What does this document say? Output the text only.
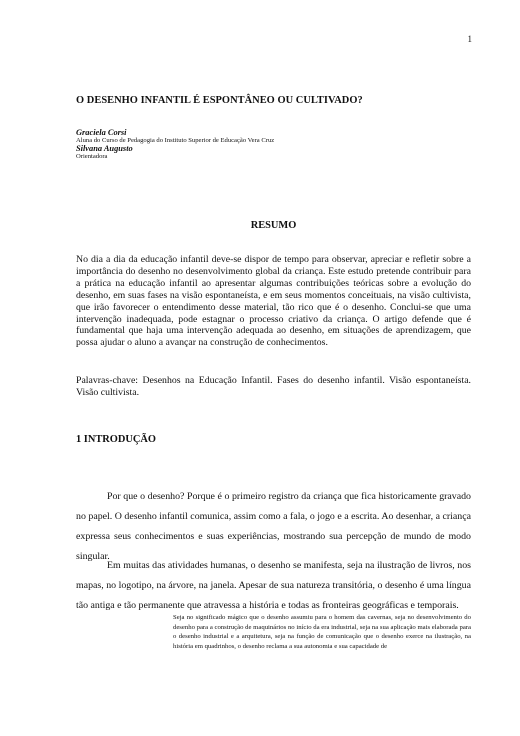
1
O DESENHO INFANTIL É ESPONTÂNEO OU CULTIVADO?
Graciela Corsi
Aluna do Curso de Pedagogia do Instituto Superior de Educação Vera Cruz
Silvana Augusto
Orientadora
RESUMO

No dia a dia da educação infantil deve-se dispor de tempo para observar, apreciar e refletir sobre a importância do desenho no desenvolvimento global da criança. Este estudo pretende contribuir para a prática na educação infantil ao apresentar algumas contribuições teóricas sobre a evolução do desenho, em suas fases na visão espontaneísta, e em seus momentos conceituais, na visão cultivista, que irão favorecer o entendimento desse material, tão rico que é o desenho. Conclui-se que uma intervenção inadequada, pode estagnar o processo criativo da criança. O artigo defende que é fundamental que haja uma intervenção adequada ao desenho, em situações de aprendizagem, que possa ajudar o aluno a avançar na construção de conhecimentos.

Palavras-chave: Desenhos na Educação Infantil. Fases do desenho infantil. Visão espontaneísta. Visão cultivista.

1 INTRODUÇÃO

Por que o desenho? Porque é o primeiro registro da criança que fica historicamente gravado no papel. O desenho infantil comunica, assim como a fala, o jogo e a escrita. Ao desenhar, a criança expressa seus conhecimentos e suas experiências, mostrando sua percepção de mundo de modo singular.

Em muitas das atividades humanas, o desenho se manifesta, seja na ilustração de livros, nos mapas, no logotipo, na árvore, na janela. Apesar de sua natureza transitória, o desenho é uma língua tão antiga e tão permanente que atravessa a história e todas as fronteiras geográficas e temporais.

Seja no significado mágico que o desenho assumiu para o homem das cavernas, seja no desenvolvimento do desenho para a construção de maquinários no início da era industrial, seja na sua aplicação mais elaborada para o desenho industrial e a arquitetura, seja na função de comunicação que o desenho exerce na ilustração, na história em quadrinhos, o desenho reclama a sua autonomia e sua capacidade de
